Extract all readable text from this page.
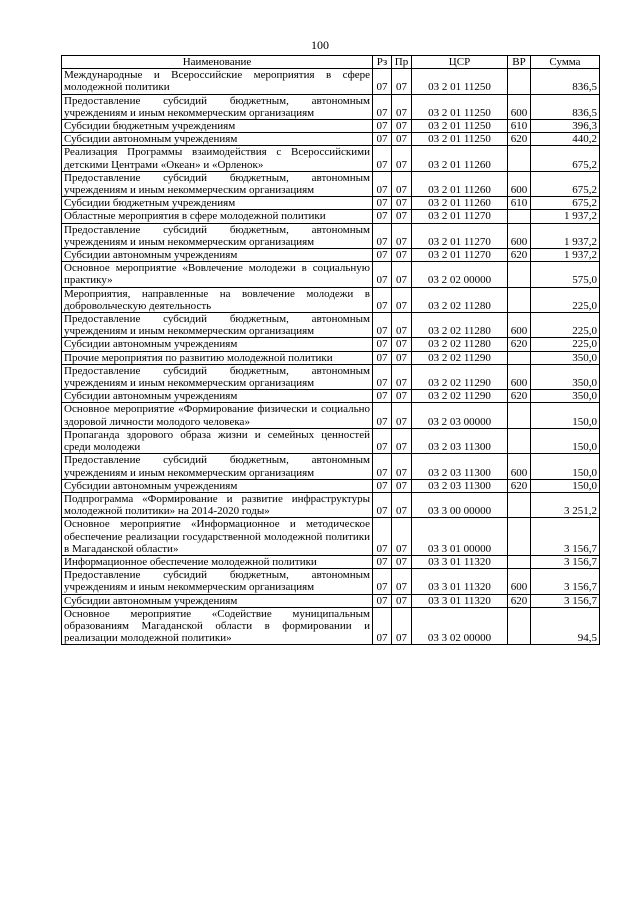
100
Наименование	Рз	Пр	ЦСР	ВР	Сумма
Международные и Всероссийские мероприятия в сфере молодежной политики	07	07	03 2 01 11250		836,5
Предоставление субсидий бюджетным, автономным учреждениям и иным некоммерческим организациям	07	07	03 2 01 11250	600	836,5
Субсидии бюджетным учреждениям	07	07	03 2 01 11250	610	396,3
Субсидии автономным учреждениям	07	07	03 2 01 11250	620	440,2
Реализация Программы взаимодействия с Всероссийскими детскими Центрами «Океан» и «Орленок»	07	07	03 2 01 11260		675,2
Предоставление субсидий бюджетным, автономным учреждениям и иным некоммерческим организациям	07	07	03 2 01 11260	600	675,2
Субсидии бюджетным учреждениям	07	07	03 2 01 11260	610	675,2
Областные мероприятия в сфере молодежной политики	07	07	03 2 01 11270		1 937,2
Предоставление субсидий бюджетным, автономным учреждениям и иным некоммерческим организациям	07	07	03 2 01 11270	600	1 937,2
Субсидии автономным учреждениям	07	07	03 2 01 11270	620	1 937,2
Основное мероприятие «Вовлечение молодежи в социальную практику»	07	07	03 2 02 00000		575,0
Мероприятия, направленные на вовлечение молодежи в добровольческую деятельность	07	07	03 2 02 11280		225,0
Предоставление субсидий бюджетным, автономным учреждениям и иным некоммерческим организациям	07	07	03 2 02 11280	600	225,0
Субсидии автономным учреждениям	07	07	03 2 02 11280	620	225,0
Прочие мероприятия по развитию молодежной политики	07	07	03 2 02 11290		350,0
Предоставление субсидий бюджетным, автономным учреждениям и иным некоммерческим организациям	07	07	03 2 02 11290	600	350,0
Субсидии автономным учреждениям	07	07	03 2 02 11290	620	350,0
Основное мероприятие «Формирование физически и социально здоровой личности молодого человека»	07	07	03 2 03 00000		150,0
Пропаганда здорового образа жизни и семейных ценностей среди молодежи	07	07	03 2 03 11300		150,0
Предоставление субсидий бюджетным, автономным учреждениям и иным некоммерческим организациям	07	07	03 2 03 11300	600	150,0
Субсидии автономным учреждениям	07	07	03 2 03 11300	620	150,0
Подпрограмма «Формирование и развитие инфраструктуры молодежной политики» на 2014-2020 годы»	07	07	03 3 00 00000		3 251,2
Основное мероприятие «Информационное и методическое обеспечение реализации государственной молодежной политики в Магаданской области»	07	07	03 3 01 00000		3 156,7
Информационное обеспечение молодежной политики	07	07	03 3 01 11320		3 156,7
Предоставление субсидий бюджетным, автономным учреждениям и иным некоммерческим организациям	07	07	03 3 01 11320	600	3 156,7
Субсидии автономным учреждениям	07	07	03 3 01 11320	620	3 156,7
Основное мероприятие «Содействие муниципальным образованиям Магаданской области в формировании и реализации молодежной политики»	07	07	03 3 02 00000		94,5
